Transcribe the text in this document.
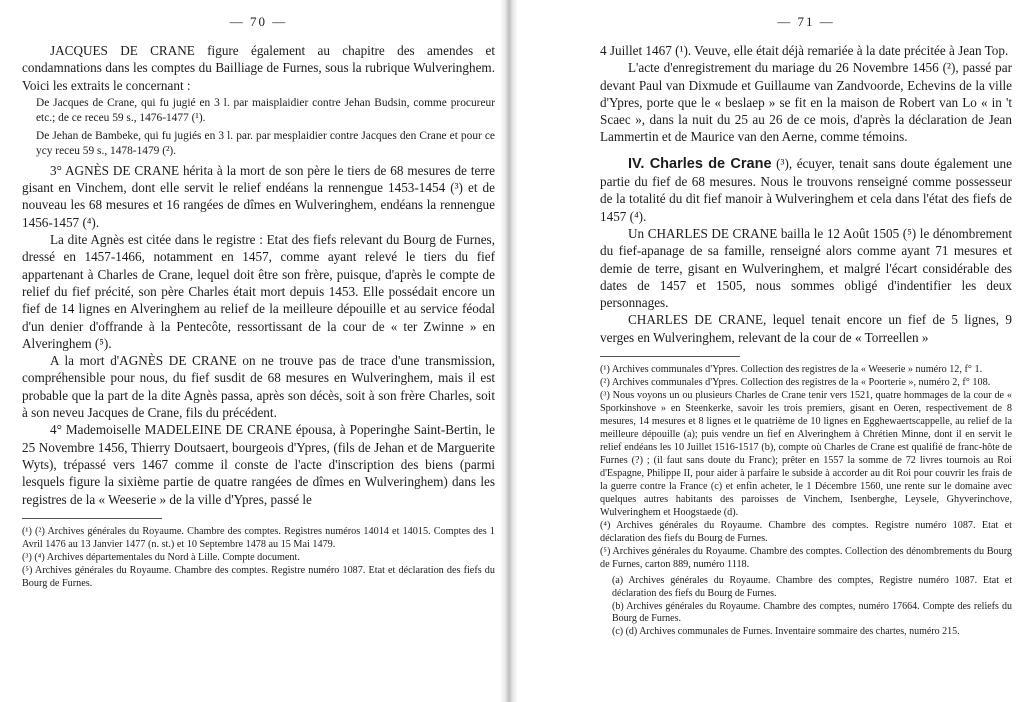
— 70 —

JACQUES DE CRANE figure également au chapitre des amendes et condamnations dans les comptes du Bailliage de Furnes, sous la rubrique Wulveringhem. Voici les extraits le concernant :

De Jacques de Crane, qui fu jugié en 3 l. par maisplaidier contre Jehan Budsin, comme procureur etc.; de ce receu 59 s., 1476-1477 (¹).

De Jehan de Bambeke, qui fu jugiés en 3 l. par. par mesplaidier contre Jacques den Crane et pour ce ycy receu 59 s., 1478-1479 (²).

3° AGNÈS DE CRANE hérita à la mort de son père le tiers de 68 mesures de terre gisant en Vinchem, dont elle servit le relief endéans la rennengue 1453-1454 (³) et de nouveau les 68 mesures et 16 rangées de dîmes en Wulveringhem, endéans la rennengue 1456-1457 (⁴).

La dite Agnès est citée dans le registre : Etat des fiefs relevant du Bourg de Furnes, dressé en 1457-1466, notamment en 1457, comme ayant relevé le tiers du fief appartenant à Charles de Crane, lequel doit être son frère, puisque, d'après le compte de relief du fief précité, son père Charles était mort depuis 1453. Elle possédait encore un fief de 14 lignes en Alveringhem au relief de la meilleure dépouille et au service féodal d'un denier d'offrande à la Pentecôte, ressortissant de la cour de « ter Zwinne » en Alveringhem (⁵).

A la mort d'AGNÈS DE CRANE on ne trouve pas de trace d'une transmission, compréhensible pour nous, du fief susdit de 68 mesures en Wulveringhem, mais il est probable que la part de la dite Agnès passa, après son décès, soit à son frère Charles, soit à son neveu Jacques de Crane, fils du précédent.

4° Mademoiselle MADELEINE DE CRANE épousa, à Poperinghe Saint-Bertin, le 25 Novembre 1456, Thierry Doutsaert, bourgeois d'Ypres, (fils de Jehan et de Marguerite Wyts), trépassé vers 1467 comme il conste de l'acte d'inscription des biens (parmi lesquels figure la sixième partie de quatre rangées de dîmes en Wulveringhem) dans les registres de la « Weeserie » de la ville d'Ypres, passé le

(¹) (²) Archives générales du Royaume. Chambre des comptes. Registres numéros 14014 et 14015. Comptes des 1 Avril 1476 au 13 Janvier 1477 (n. st.) et 10 Septembre 1478 au 15 Mai 1479.

(³) (⁴) Archives départementales du Nord à Lille. Compte document.

(⁵) Archives générales du Royaume. Chambre des comptes. Registre numéro 1087. Etat et déclaration des fiefs du Bourg de Furnes.

— 71 —

4 Juillet 1467 (¹). Veuve, elle était déjà remariée à la date précitée à Jean Top.

L'acte d'enregistrement du mariage du 26 Novembre 1456 (²), passé par devant Paul van Dixmude et Guillaume van Zandvoorde, Echevins de la ville d'Ypres, porte que le « beslaep » se fit en la maison de Robert van Lo « in 't Scaec », dans la nuit du 25 au 26 de ce mois, d'après la déclaration de Jean Lammertin et de Maurice van den Aerne, comme témoins.

IV. Charles de Crane (³), écuyer, tenait sans doute également une partie du fief de 68 mesures. Nous le trouvons renseigné comme possesseur de la totalité du dit fief manoir à Wulveringhem et cela dans l'état des fiefs de 1457 (⁴).

Un CHARLES DE CRANE bailla le 12 Août 1505 (⁵) le dénombrement du fief-apanage de sa famille, renseigné alors comme ayant 71 mesures et demie de terre, gisant en Wulveringhem, et malgré l'écart considérable des dates de 1457 et 1505, nous sommes obligé d'indentifier les deux personnages.

CHARLES DE CRANE, lequel tenait encore un fief de 5 lignes, 9 verges en Wulveringhem, relevant de la cour de « Torreellen »

(¹) Archives communales d'Ypres. Collection des registres de la « Weeserie » numéro 12, f° 1.

(²) Archives communales d'Ypres. Collection des registres de la « Poorterie », numéro 2, f° 108.

(³) Nous voyons un ou plusieurs Charles de Crane tenir vers 1521, quatre hommages de la cour de « Sporkinshove » en Steenkerke, savoir les trois premiers, gisant en Oeren, respectivement de 8 mesures, 14 mesures et 8 lignes et le quatrième de 10 lignes en Egghewaertscappelle, au relief de la meilleure dépouille (a); puis vendre un fief en Alveringhem à Chrétien Minne, dont il en servit le relief endéans les 10 Juillet 1516-1517 (b), compte où Charles de Crane est qualifié de franc-hôte de Furnes (?) ; (il faut sans doute du Franc); prêter en 1557 la somme de 72 livres tournois au Roi d'Espagne, Philippe II, pour aider à parfaire le subside à accorder au dit Roi pour couvrir les frais de la guerre contre la France (c) et enfin acheter, le 1 Décembre 1560, une rente sur le domaine avec quelques autres habitants des paroisses de Vinchem, Isenberghe, Leysele, Ghyverinchove, Wulveringhem et Hoogstaede (d).

(⁴) Archives générales du Royaume. Chambre des comptes. Registre numéro 1087. Etat et déclaration des fiefs du Bourg de Furnes.

(⁵) Archives générales du Royaume. Chambre des comptes. Collection des dénombrements du Bourg de Furnes, carton 889, numéro 1118.

(a) Archives générales du Royaume. Chambre des comptes, Registre numéro 1087. Etat et déclaration des fiefs du Bourg de Furnes.

(b) Archives générales du Royaume. Chambre des comptes, numéro 17664. Compte des reliefs du Bourg de Furnes.

(c) (d) Archives communales de Furnes. Inventaire sommaire des chartes, numéro 215.
